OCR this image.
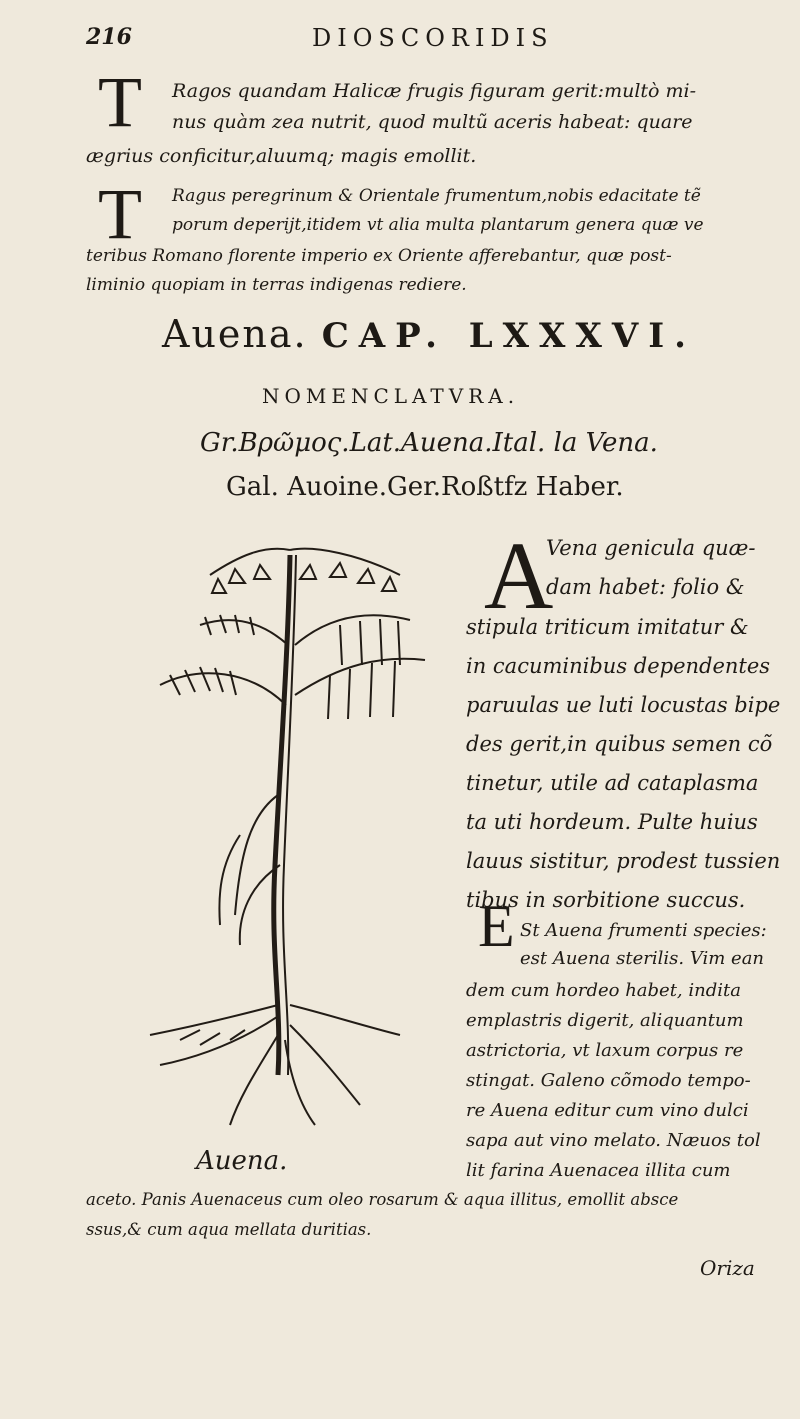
216	DIOSCORIDIS
T Ragos quandam Halicæ frugis figuram gerit:multò mi-
nus quàm zea nutrit, quod multũ aceris habeat: quare
ægrius conficitur,aluumq; magis emollit.
T Ragus peregrinum & Orientale frumentum,nobis edacitate tẽ
porum deperijt,itidem vt alia multa plantarum genera quæ ve
teribus Romano florente imperio ex Oriente afferebantur, quæ post-
liminio quopiam in terras indigenas rediere.
Auena. CAP. LXXXVI.
NOMENCLATVRA.
Gr.Βρῶμος.Lat.Auena.Ital. la Vena.
Gal. Auoine.Ger.Roßtfz Haber.
Auena.
A
Vena genicula quæ-
dam habet: folio &
stipula triticum imitatur &
in cacuminibus dependentes
paruulas ue luti locustas bipe
des gerit,in quibus semen cõ
tinetur, utile ad cataplasma
ta uti hordeum. Pulte huius
lauus sistitur, prodest tussien
tibus in sorbitione succus.
E St Auena frumenti species:
est Auena sterilis. Vim ean
dem cum hordeo habet, indita
emplastris digerit, aliquantum
astrictoria, vt laxum corpus re
stingat. Galeno cõmodo tempo-
re Auena editur cum vino dulci
sapa aut vino melato. Næuos tol
lit farina Auenacea illita cum
aceto. Panis Auenaceus cum oleo rosarum & aqua illitus, emollit absce
ssus,& cum aqua mellata duritias.
Oriza
